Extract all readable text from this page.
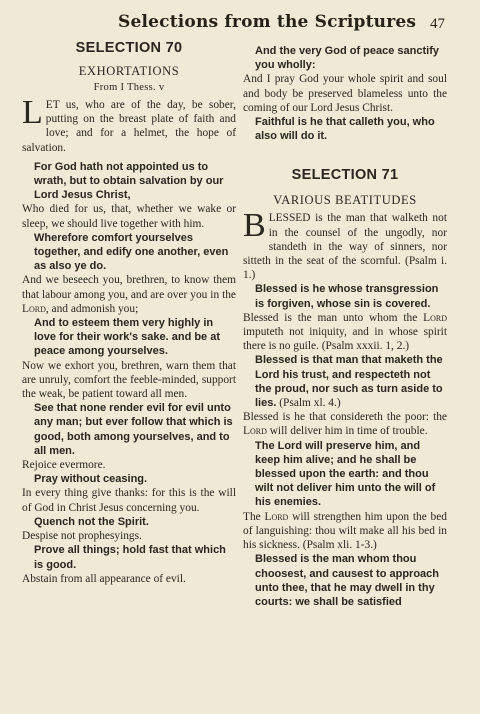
Selections from the Scriptures 47
SELECTION 70
EXHORTATIONS
From I Thess. v

LET us, who are of the day, be sober, putting on the breast plate of faith and love; and for a helmet, the hope of salvation.

For God hath not appointed us to wrath, but to obtain salvation by our Lord Jesus Christ,

Who died for us, that, whether we wake or sleep, we should live together with him.

Wherefore comfort yourselves together, and edify one another, even as also ye do.

And we beseech you, brethren, to know them that labour among you, and are over you in the Lord, and admonish you;

And to esteem them very highly in love for their work's sake. and be at peace among yourselves.

Now we exhort you, brethren, warn them that are unruly, comfort the feeble-minded, support the weak, be patient toward all men.

See that none render evil for evil unto any man; but ever follow that which is good, both among yourselves, and to all men.

Rejoice evermore.

Pray without ceasing.

In every thing give thanks: for this is the will of God in Christ Jesus concerning you.

Quench not the Spirit.

Despise not prophesyings.

Prove all things; hold fast that which is good.

Abstain from all appearance of evil.

And the very God of peace sanctify you wholly:

And I pray God your whole spirit and soul and body be preserved blameless unto the coming of our Lord Jesus Christ.

Faithful is he that calleth you, who also will do it.

SELECTION 71
VARIOUS BEATITUDES

BLESSED is the man that walketh not in the counsel of the ungodly, nor standeth in the way of sinners, nor sitteth in the seat of the scornful. (Psalm i. 1.)

Blessed is he whose transgression is forgiven, whose sin is covered.

Blessed is the man unto whom the Lord imputeth not iniquity, and in whose spirit there is no guile. (Psalm xxxii. 1, 2.)

Blessed is that man that maketh the Lord his trust, and respecteth not the proud, nor such as turn aside to lies. (Psalm xl. 4.)

Blessed is he that considereth the poor: the Lord will deliver him in time of trouble.

The Lord will preserve him, and keep him alive; and he shall be blessed upon the earth: and thou wilt not deliver him unto the will of his enemies.

The Lord will strengthen him upon the bed of languishing: thou wilt make all his bed in his sickness. (Psalm xli. 1-3.)

Blessed is the man whom thou choosest, and causest to approach unto thee, that he may dwell in thy courts: we shall be satisfied
